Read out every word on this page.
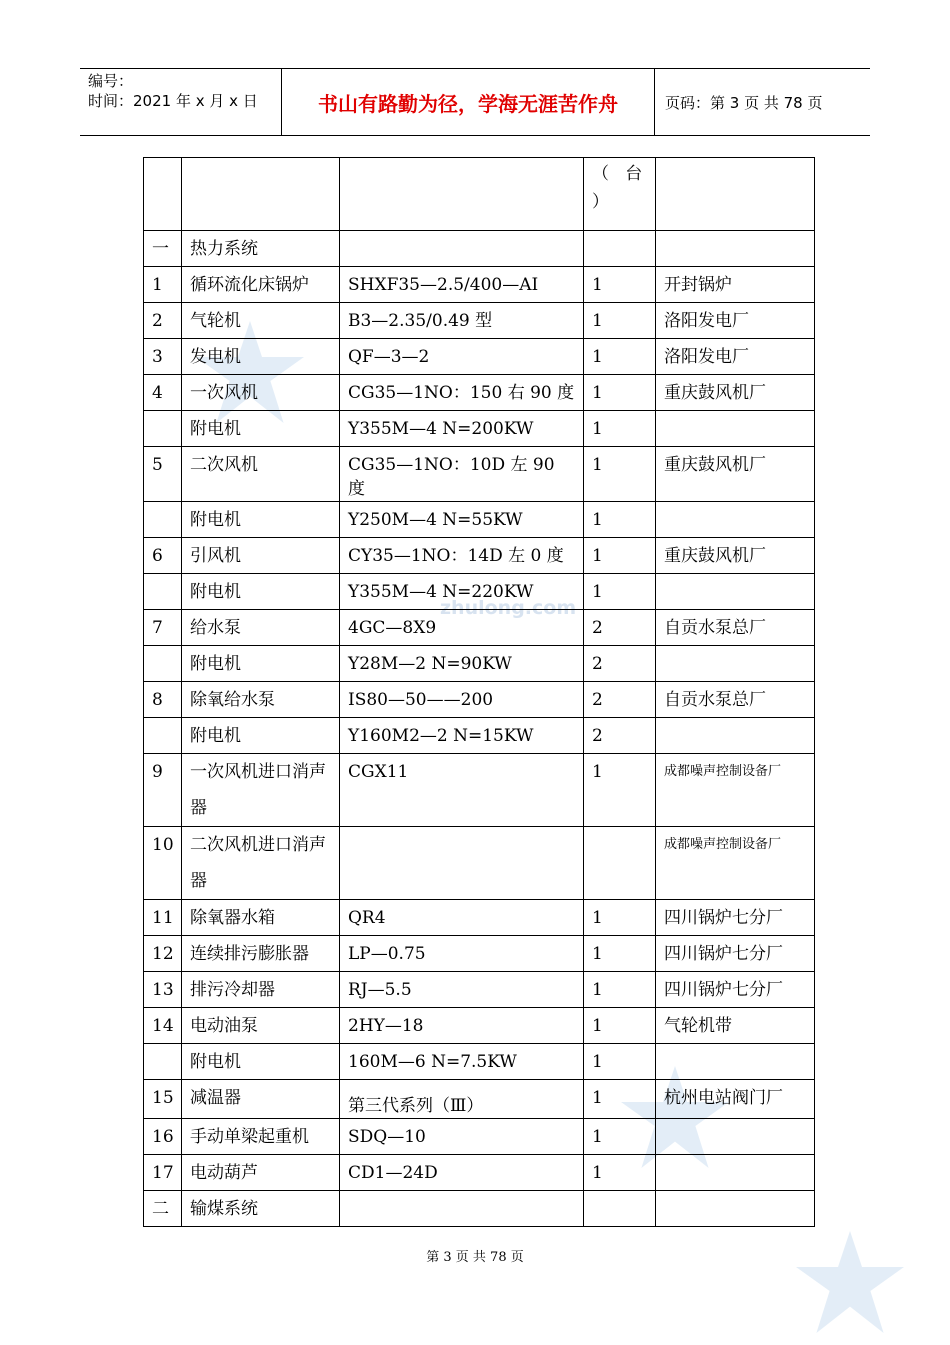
zhulong.com
编号：
时间：2021 年 x 月 x 日	书山有路勤为径，学海无涯苦作舟	页码：第 3 页 共 78 页
			（   台
）	
一	热力系统			
1	循环流化床锅炉	SHXF35—2.5/400—AI	1	开封锅炉
2	气轮机	B3—2.35/0.49 型	1	洛阳发电厂
3	发电机	QF—3—2	1	洛阳发电厂
4	一次风机	CG35—1NO：150 右 90 度	1	重庆鼓风机厂
	附电机	Y355M—4 N=200KW	1	
5	二次风机	CG35—1NO：10D 左 90 度	1	重庆鼓风机厂
	附电机	Y250M—4 N=55KW	1	
6	引风机	CY35—1NO：14D 左 0 度	1	重庆鼓风机厂
	附电机	Y355M—4 N=220KW	1	
7	给水泵	4GC—8X9	2	自贡水泵总厂
	附电机	Y28M—2 N=90KW	2	
8	除氧给水泵	IS80—50——200	2	自贡水泵总厂
	附电机	Y160M2—2 N=15KW	2	
9	一次风机进口消声器	CGX11	1	成都噪声控制设备厂
10	二次风机进口消声器			成都噪声控制设备厂
11	除氧器水箱	QR4	1	四川锅炉七分厂
12	连续排污膨胀器	LP—0.75	1	四川锅炉七分厂
13	排污冷却器	RJ—5.5	1	四川锅炉七分厂
14	电动油泵	2HY—18	1	气轮机带
	附电机	160M—6 N=7.5KW	1	
15	减温器	第三代系列（Ⅲ）	1	杭州电站阀门厂
16	手动单梁起重机	SDQ—10	1	
17	电动葫芦	CD1—24D	1	
二	输煤系统			
第 3 页 共 78 页
